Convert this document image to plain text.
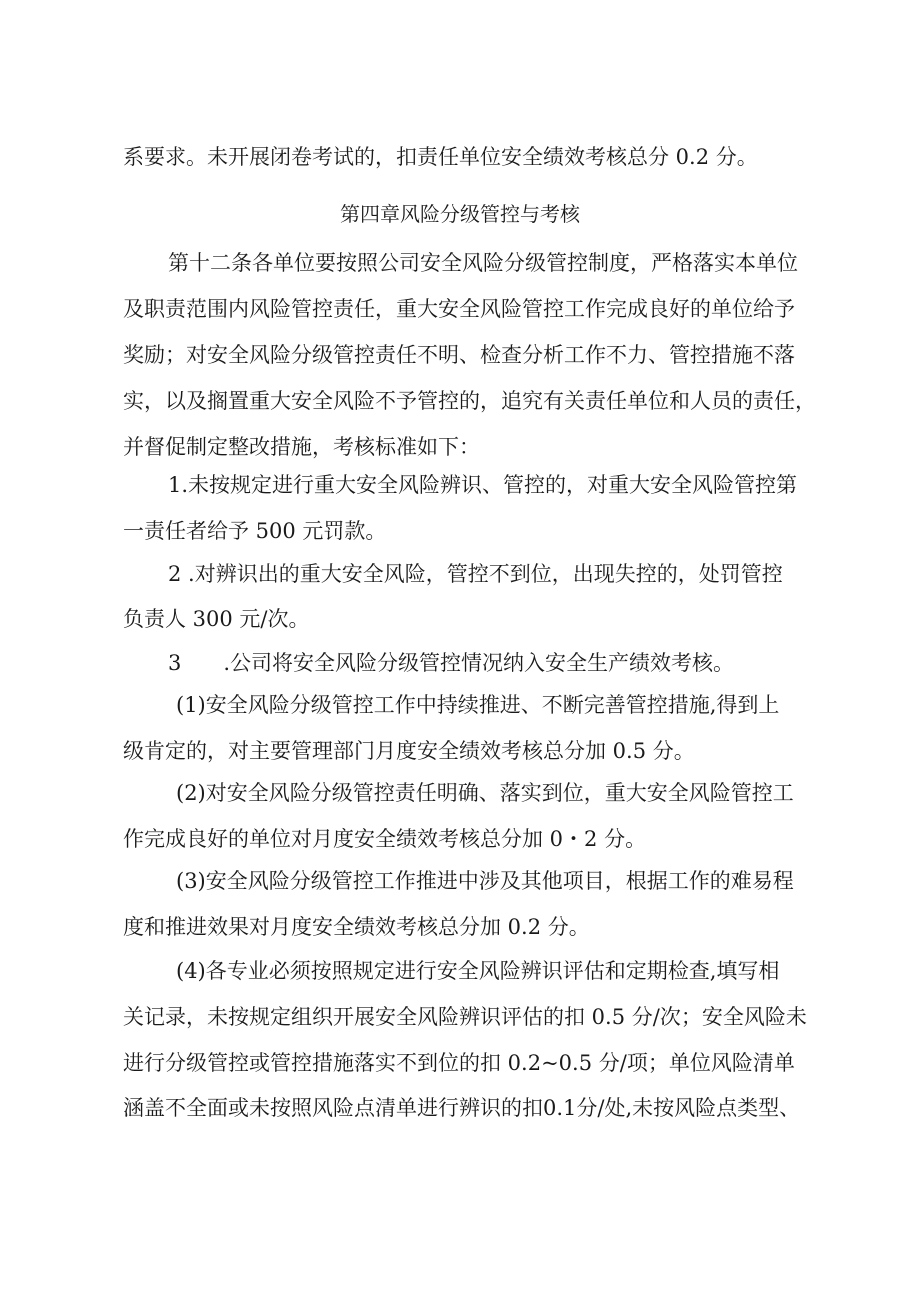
系要求。未开展闭卷考试的，扣责任单位安全绩效考核总分 0.2 分。

第四章风险分级管控与考核

第十二条各单位要按照公司安全风险分级管控制度，严格落实本单位

及职责范围内风险管控责任，重大安全风险管控工作完成良好的单位给予

奖励；对安全风险分级管控责任不明、检查分析工作不力、管控措施不落

实，以及搁置重大安全风险不予管控的，追究有关责任单位和人员的责任，

并督促制定整改措施，考核标准如下：

1.未按规定进行重大安全风险辨识、管控的，对重大安全风险管控第

一责任者给予 500 元罚款。

2 .对辨识出的重大安全风险，管控不到位，出现失控的，处罚管控

负责人 300 元/次。

3　　.公司将安全风险分级管控情况纳入安全生产绩效考核。

(1)安全风险分级管控工作中持续推进、不断完善管控措施,得到上

级肯定的，对主要管理部门月度安全绩效考核总分加 0.5 分。

(2)对安全风险分级管控责任明确、落实到位，重大安全风险管控工

作完成良好的单位对月度安全绩效考核总分加 0・2 分。

(3)安全风险分级管控工作推进中涉及其他项目，根据工作的难易程

度和推进效果对月度安全绩效考核总分加 0.2 分。

(4)各专业必须按照规定进行安全风险辨识评估和定期检查,填写相

关记录，未按规定组织开展安全风险辨识评估的扣 0.5 分/次；安全风险未

进行分级管控或管控措施落实不到位的扣 0.2~0.5 分/项；单位风险清单

涵盖不全面或未按照风险点清单进行辨识的扣0.1分/处,未按风险点类型、
